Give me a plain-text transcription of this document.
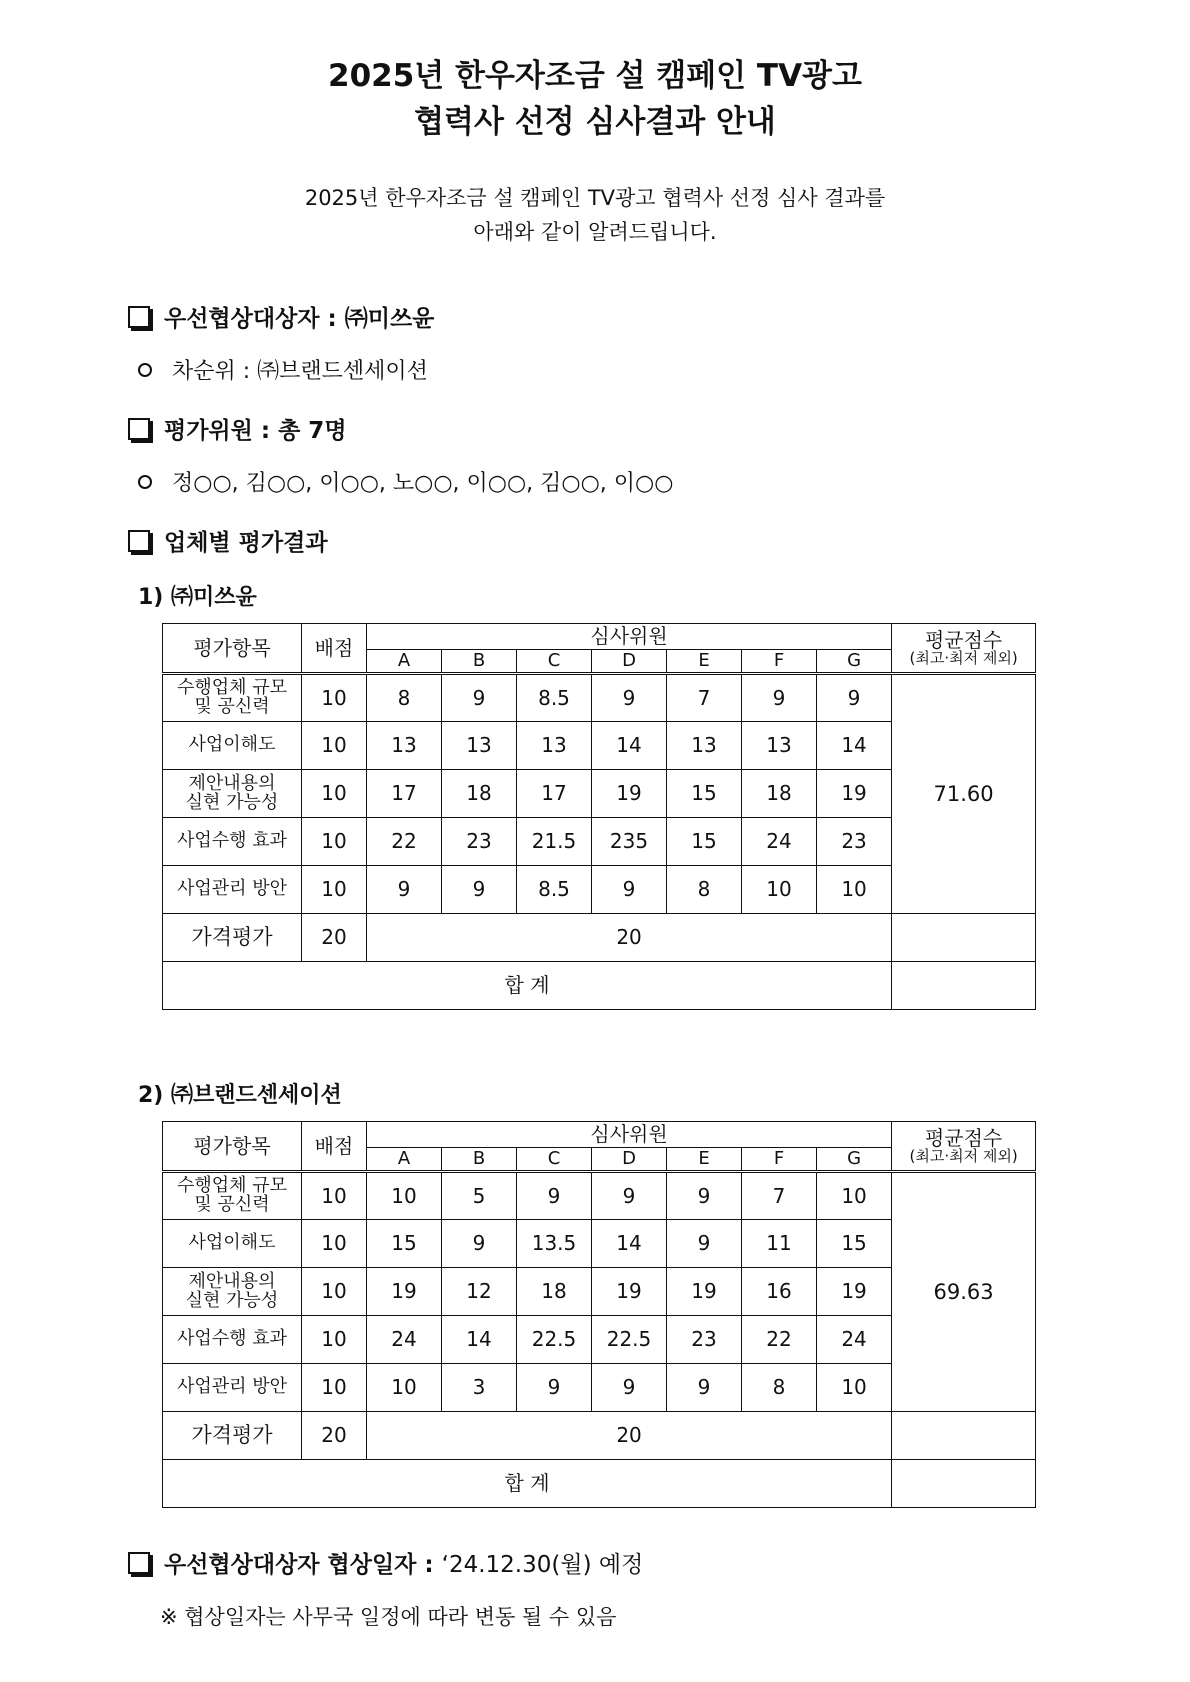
2025년 한우자조금 설 캠페인 TV광고
협력사 선정 심사결과 안내
2025년 한우자조금 설 캠페인 TV광고 협력사 선정 심사 결과를
아래와 같이 알려드립니다.
우선협상대상자 :
㈜미쓰윤
차순위 : ㈜브랜드센세이션
평가위원 : 총 7명
정○○, 김○○, 이○○, 노○○, 이○○, 김○○, 이○○
업체별 평가결과
1) ㈜미쓰윤
평가항목	배점	심사위원							평균점수
(최고·최저 제외)

		A	B	C	D	E	F	G	

수행업체 규모
및 공신력	10	8	9	8.5	9	7	9	9	71.60

사업이해도	10	13	13	13	14	13	13	14	

제안내용의
실현 가능성	10	17	18	17	19	15	18	19	

사업수행 효과	10	22	23	21.5	235	15	24	23	

사업관리 방안	10	9	9	8.5	9	8	10	10	
가격평가	20	20							
합 계									
2) ㈜브랜드센세이션
평가항목	배점	심사위원							평균점수
(최고·최저 제외)

		A	B	C	D	E	F	G	

수행업체 규모
및 공신력	10	10	5	9	9	9	7	10	69.63

사업이해도	10	15	9	13.5	14	9	11	15	

제안내용의
실현 가능성	10	19	12	18	19	19	16	19	

사업수행 효과	10	24	14	22.5	22.5	23	22	24	

사업관리 방안	10	10	3	9	9	9	8	10	
가격평가	20	20							
합 계									
우선협상대상자 협상일자 :
‘24.12.30(월) 예정
※ 협상일자는 사무국 일정에 따라 변동 될 수 있음
